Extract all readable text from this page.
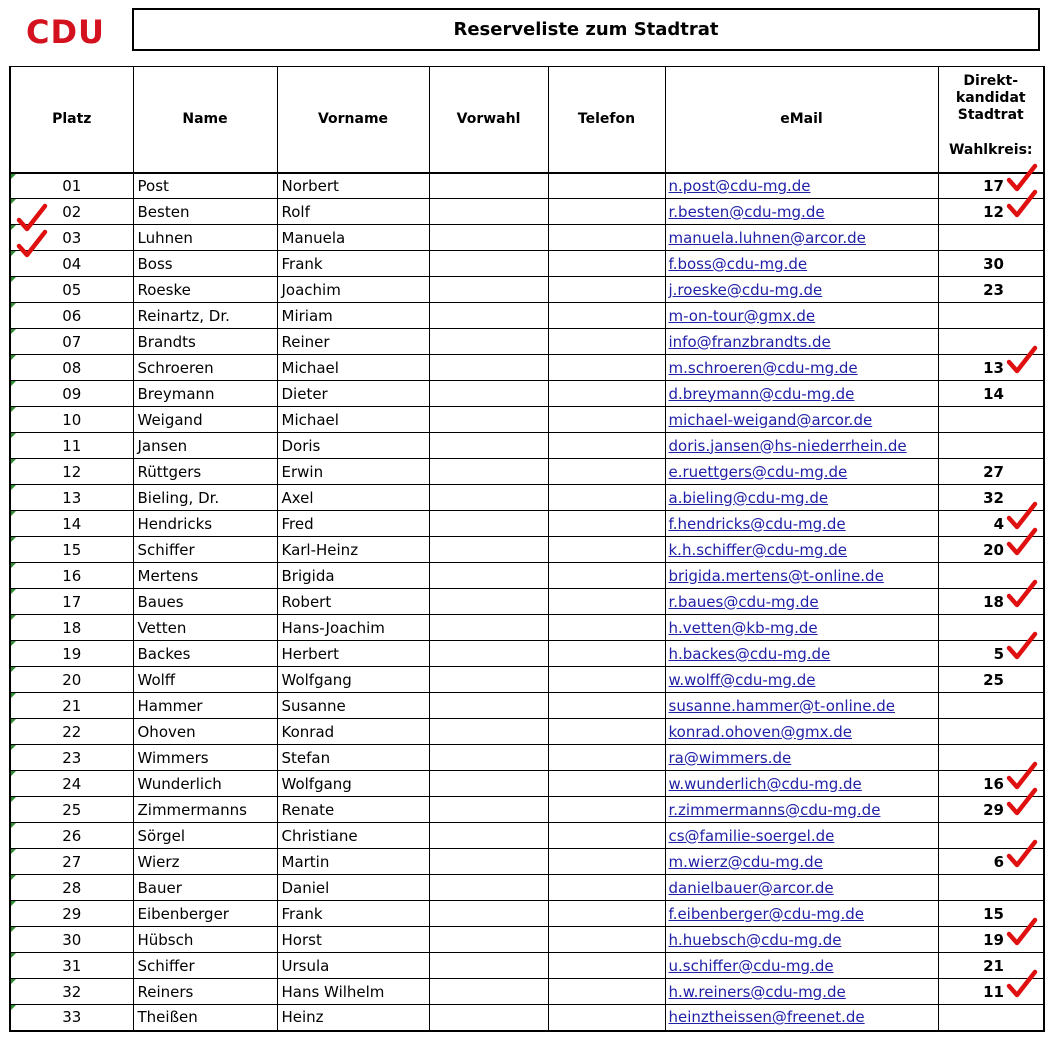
CDU	Reserveliste zum Stadtrat
Platz	Name	Vorname	Vorwahl	Telefon	eMail	Direkt-
kandidat
Stadtrat
Wahlkreis:

01	Post	Norbert			n.post@cdu-mg.de	17
02	Besten	Rolf			r.besten@cdu-mg.de	12
03	Luhnen	Manuela			manuela.luhnen@arcor.de	
04	Boss	Frank			f.boss@cdu-mg.de	30
05	Roeske	Joachim			j.roeske@cdu-mg.de	23
06	Reinartz, Dr.	Miriam			m-on-tour@gmx.de	
07	Brandts	Reiner			info@franzbrandts.de	
08	Schroeren	Michael			m.schroeren@cdu-mg.de	13
09	Breymann	Dieter			d.breymann@cdu-mg.de	14
10	Weigand	Michael			michael-weigand@arcor.de	
11	Jansen	Doris			doris.jansen@hs-niederrhein.de	
12	Rüttgers	Erwin			e.ruettgers@cdu-mg.de	27
13	Bieling, Dr.	Axel			a.bieling@cdu-mg.de	32
14	Hendricks	Fred			f.hendricks@cdu-mg.de	4
15	Schiffer	Karl-Heinz			k.h.schiffer@cdu-mg.de	20
16	Mertens	Brigida			brigida.mertens@t-online.de	
17	Baues	Robert			r.baues@cdu-mg.de	18
18	Vetten	Hans-Joachim			h.vetten@kb-mg.de	
19	Backes	Herbert			h.backes@cdu-mg.de	5
20	Wolff	Wolfgang			w.wolff@cdu-mg.de	25
21	Hammer	Susanne			susanne.hammer@t-online.de	
22	Ohoven	Konrad			konrad.ohoven@gmx.de	
23	Wimmers	Stefan			ra@wimmers.de	
24	Wunderlich	Wolfgang			w.wunderlich@cdu-mg.de	16
25	Zimmermanns	Renate			r.zimmermanns@cdu-mg.de	29
26	Sörgel	Christiane			cs@familie-soergel.de	
27	Wierz	Martin			m.wierz@cdu-mg.de	6
28	Bauer	Daniel			danielbauer@arcor.de	
29	Eibenberger	Frank			f.eibenberger@cdu-mg.de	15
30	Hübsch	Horst			h.huebsch@cdu-mg.de	19
31	Schiffer	Ursula			u.schiffer@cdu-mg.de	21
32	Reiners	Hans Wilhelm			h.w.reiners@cdu-mg.de	11
33	Theißen	Heinz			heinztheissen@freenet.de	
